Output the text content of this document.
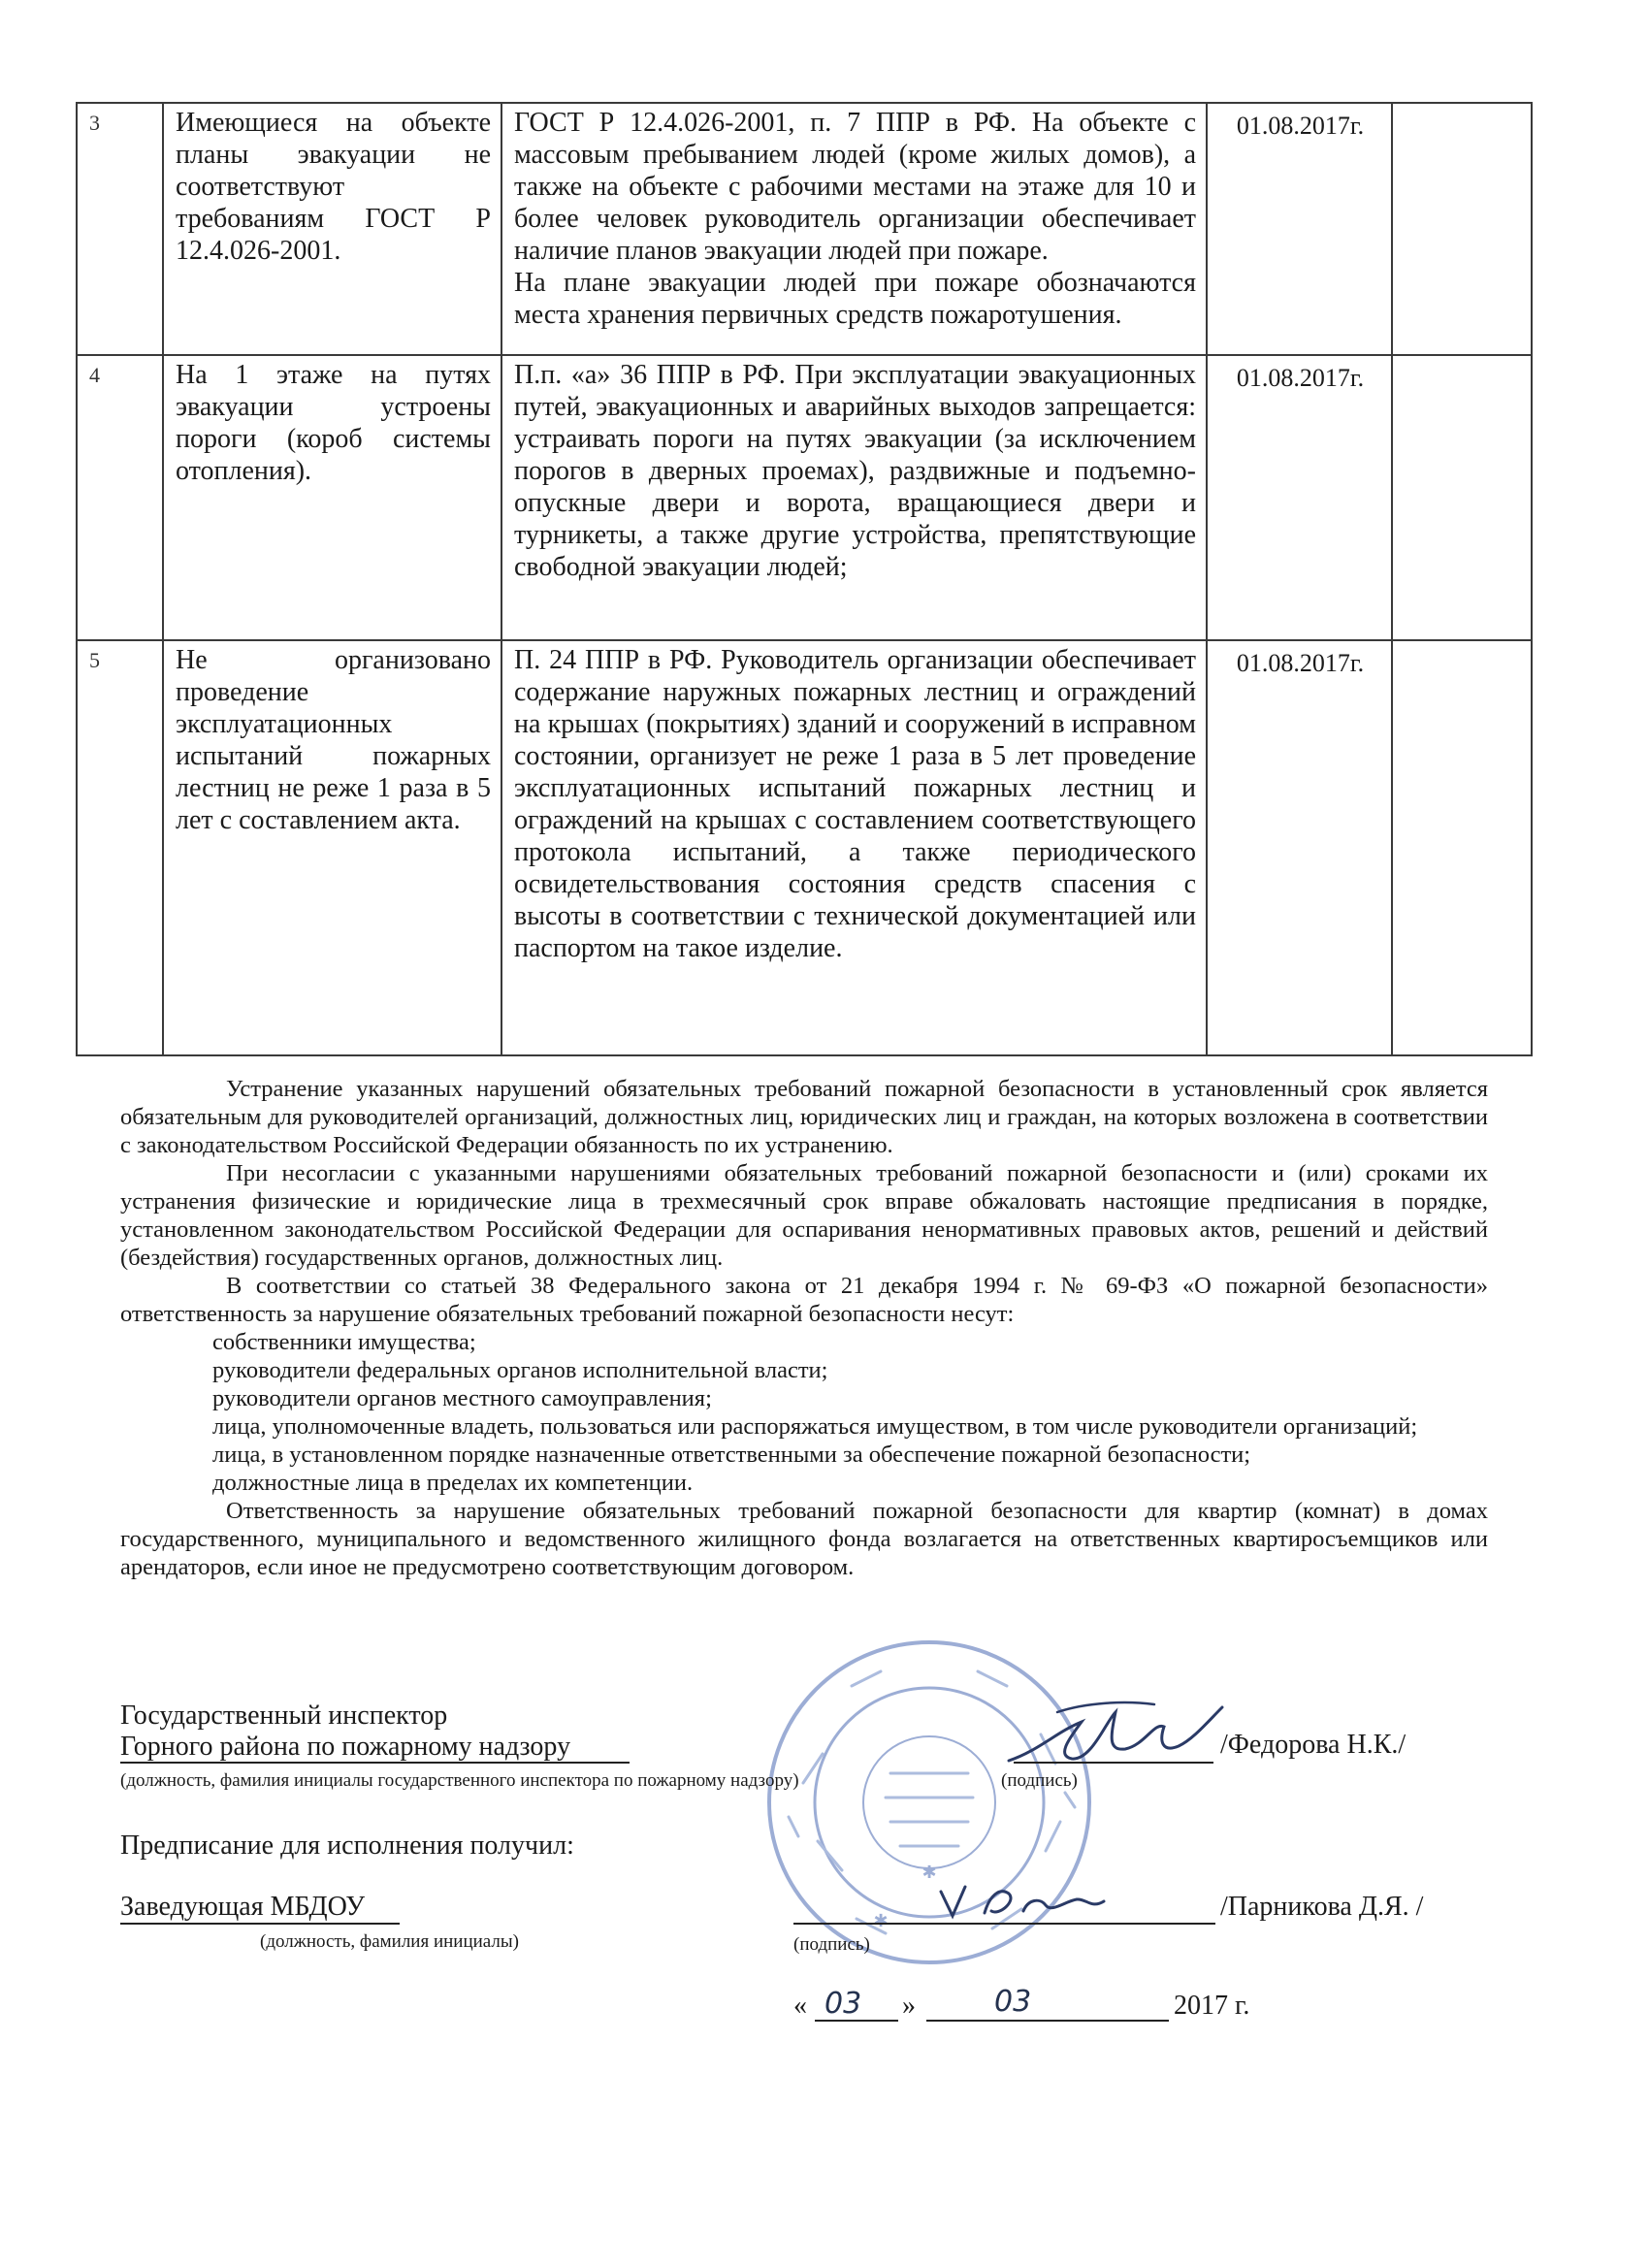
3	Имеющиеся на объекте планы эвакуации не соответствуют требованиям ГОСТ Р 12.4.026-2001.	ГОСТ Р 12.4.026-2001, п. 7 ППР в РФ. На объекте с массовым пребыванием людей (кроме жилых домов), а также на объекте с рабочими местами на этаже для 10 и более человек руководитель организации обеспечивает наличие планов эвакуации людей при пожаре.
На плане эвакуации людей при пожаре обозначаются места хранения первичных средств пожаротушения.	01.08.2017г.	
4	На 1 этаже на путях эвакуации устроены пороги (короб системы отопления).	П.п. «а» 36 ППР в РФ. При эксплуатации эвакуационных путей, эвакуационных и аварийных выходов запрещается: устраивать пороги на путях эвакуации (за исключением порогов в дверных проемах), раздвижные и подъемно-опускные двери и ворота, вращающиеся двери и турникеты, а также другие устройства, препятствующие свободной эвакуации людей;	01.08.2017г.	
5	Не организовано проведение эксплуатационных испытаний пожарных лестниц не реже 1 раза в 5 лет с составлением акта.	П. 24 ППР в РФ. Руководитель организации обеспечивает содержание наружных пожарных лестниц и ограждений на крышах (покрытиях) зданий и сооружений в исправном состоянии, организует не реже 1 раза в 5 лет проведение эксплуатационных испытаний пожарных лестниц и ограждений на крышах с составлением соответствующего протокола испытаний, а также периодического освидетельствования состояния средств спасения с высоты в соответствии с технической документацией или паспортом на такое изделие.	01.08.2017г.	

Устранение указанных нарушений обязательных требований пожарной безопасности в установленный срок является обязательным для руководителей организаций, должностных лиц, юридических лиц и граждан, на которых возложена в соответствии с законодательством Российской Федерации обязанность по их устранению.

При несогласии с указанными нарушениями обязательных требований пожарной безопасности и (или) сроками их устранения физические и юридические лица в трехмесячный срок вправе обжаловать настоящие предписания в порядке, установленном законодательством Российской Федерации для оспаривания ненормативных правовых актов, решений и действий (бездействия) государственных органов, должностных лиц.

В соответствии со статьей 38 Федерального закона от 21 декабря 1994 г. № 69-ФЗ «О пожарной безопасности» ответственность за нарушение обязательных требований пожарной безопасности несут:

собственники имущества;

руководители федеральных органов исполнительной власти;

руководители органов местного самоуправления;

лица, уполномоченные владеть, пользоваться или распоряжаться имуществом, в том числе руководители организаций;

лица, в установленном порядке назначенные ответственными за обеспечение пожарной безопасности;

должностные лица в пределах их компетенции.

Ответственность за нарушение обязательных требований пожарной безопасности для квартир (комнат) в домах государственного, муниципального и ведомственного жилищного фонда возлагается на ответственных квартиросъемщиков или арендаторов, если иное не предусмотрено соответствующим договором.

✱
✱
Государственный инспектор
Горного района по пожарному надзору	/Федорова Н.К./
(должность, фамилия инициалы государственного инспектора по пожарному надзору)	(подпись)
Предписание для исполнения получил:
Заведующая МБДОУ
(должность, фамилия инициалы)	(подпись)
/Парникова Д.Я. /
« 03 »	03	2017 г.
